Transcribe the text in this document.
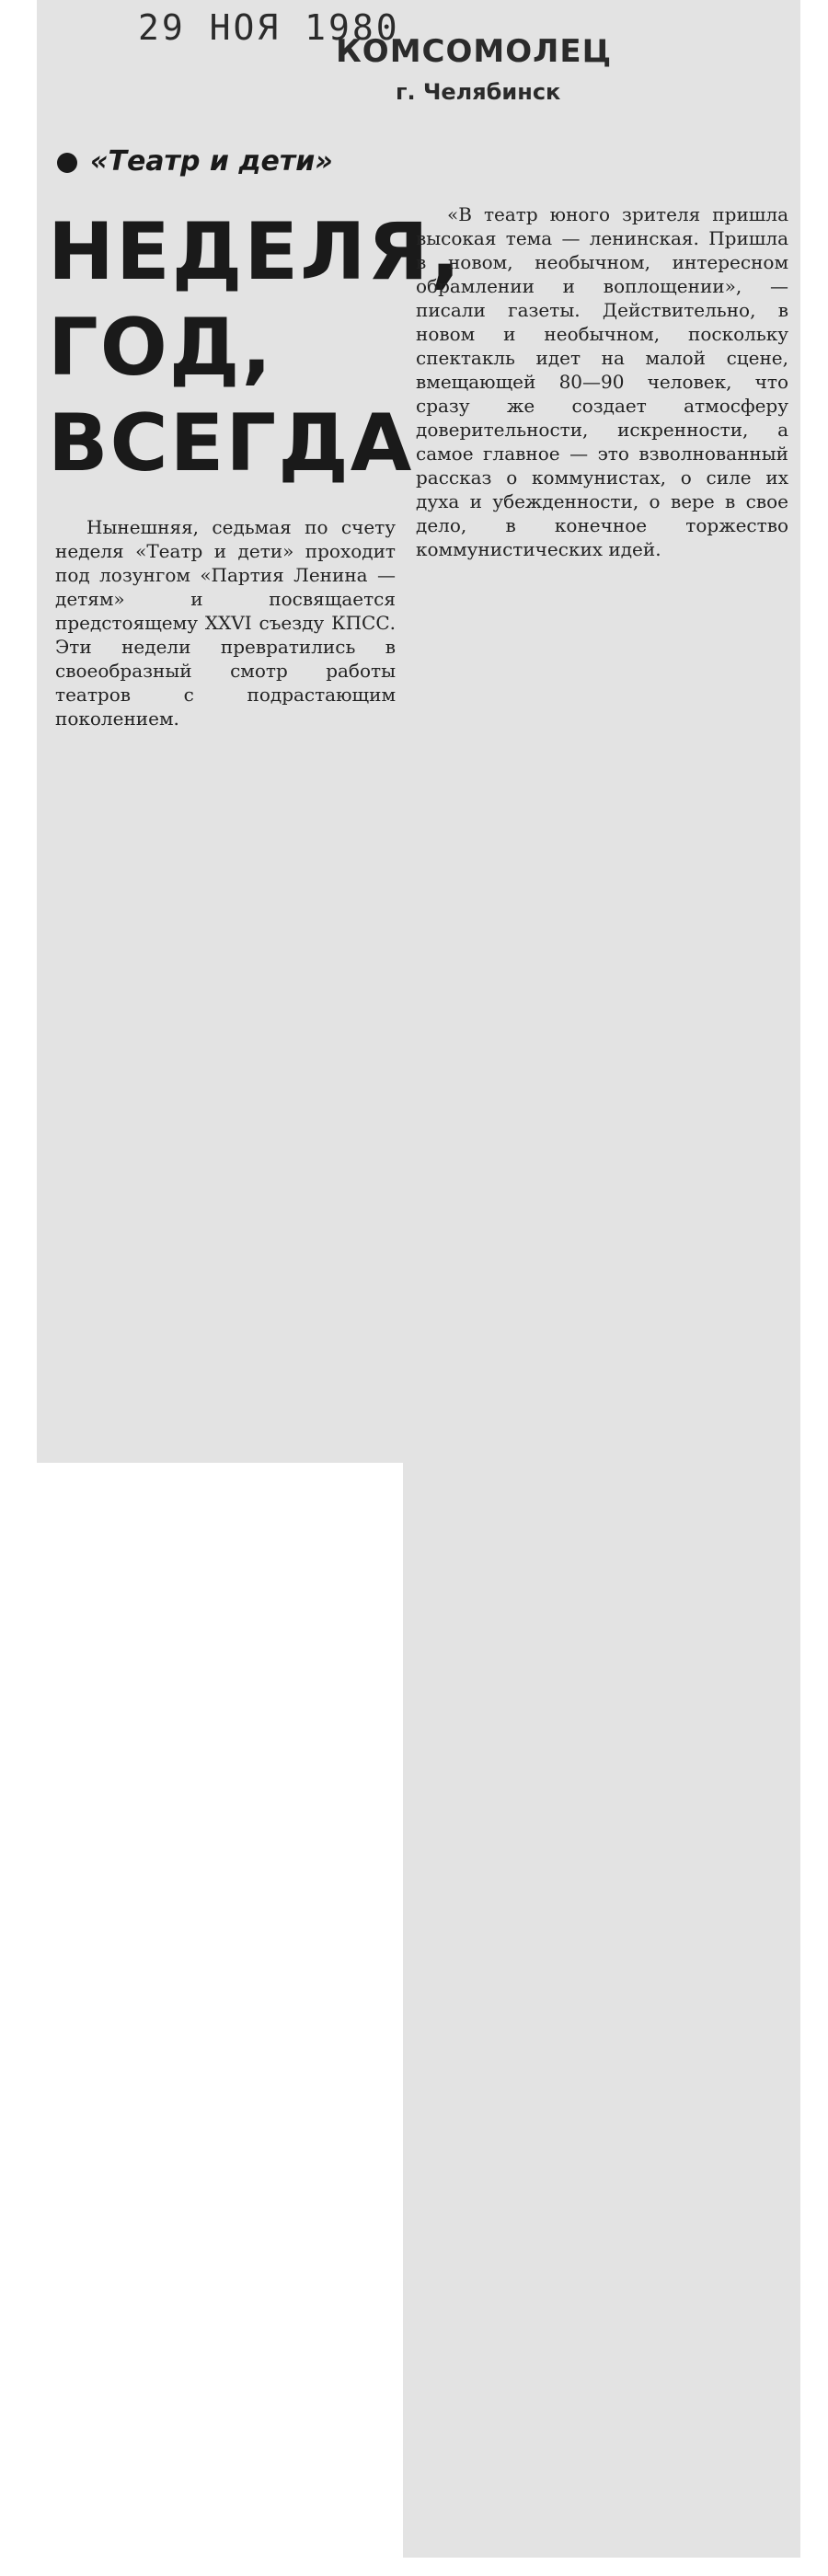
29 НОЯ 1980
КОМСОМОЛЕЦ
г. Челябинск
«Театр и дети»
НЕДЕЛЯ,
ГОД,
ВСЕГДА

Нынешняя, седьмая по счету неделя «Театр и дети» проходит под лозунгом «Партия Ленина — детям» и посвящается предстоящему XXVI съезду КПСС. Эти недели превратились в своеобразный смотр работы театров с подрастающим поколением.

«В театр юного зрителя пришла высокая тема — ленинская. Пришла в новом, необычном, интересном обрамлении и воплощении», — писали газеты. Действительно, в новом и необычном, поскольку спектакль идет на малой сцене, вмещающей 80—90 человек, что сразу же создает атмосферу доверительности, искренности, а самое главное — это взволнованный рассказ о коммунистах, о силе их духа и убежденности, о вере в свое дело, в конечное торжество коммунистических идей.
